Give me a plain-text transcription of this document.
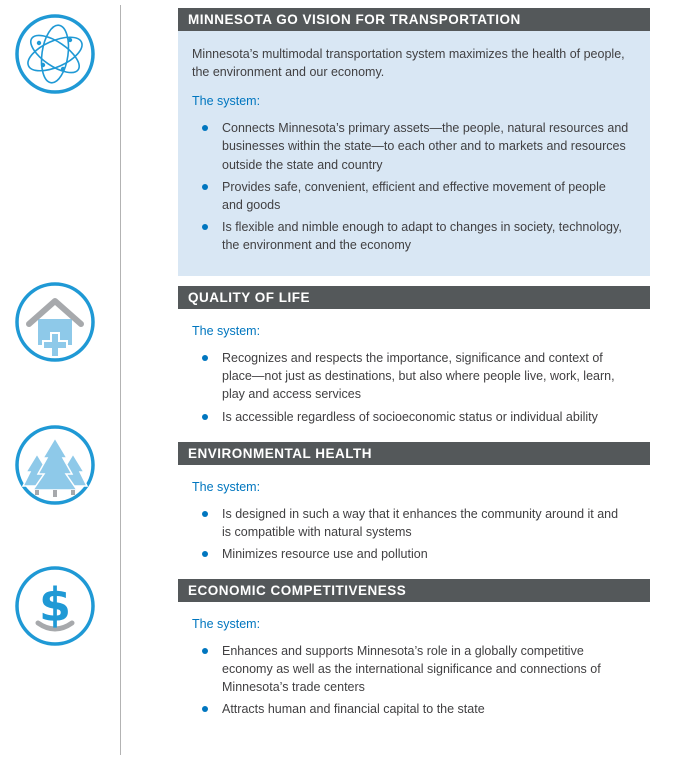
$
MINNESOTA GO VISION FOR TRANSPORTATION

Minnesota’s multimodal transportation system maximizes the health of people, the environment and our economy.

The system:

Connects Minnesota’s primary assets—the people, natural resources and businesses within the state—to each other and to markets and resources outside the state and country
Provides safe, convenient, efficient and effective movement of people and goods
Is flexible and nimble enough to adapt to changes in society, technology, the environment and the economy
QUALITY OF LIFE

The system:

Recognizes and respects the importance, significance and context of place—not just as destinations, but also where people live, work, learn, play and access services
Is accessible regardless of socioeconomic status or individual ability
ENVIRONMENTAL HEALTH

The system:

Is designed in such a way that it enhances the community around it and is compatible with natural systems
Minimizes resource use and pollution
ECONOMIC COMPETITIVENESS

The system:

Enhances and supports Minnesota’s role in a globally competitive economy as well as the international significance and connections of Minnesota’s trade centers
Attracts human and financial capital to the state
